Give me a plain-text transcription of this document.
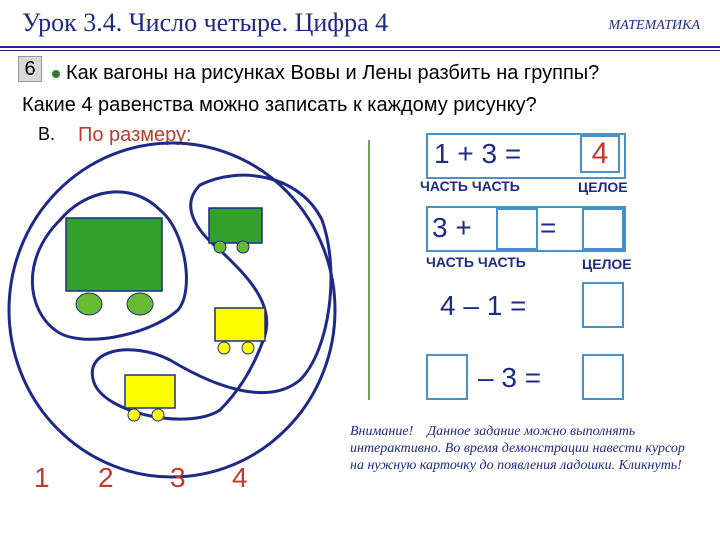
Урок 3.4. Число четыре. Цифра 4	МАТЕМАТИКА
6	Как вагоны на рисунках Вовы и Лены разбить на группы?
Какие 4 равенства можно записать к каждому рисунку?
В. По размеру:
1 2 3 4
1 + 3 =	4
ЧАСТЬ ЧАСТЬ	ЦЕЛОЕ
3 + =
ЧАСТЬ ЧАСТЬ	ЦЕЛОЕ
4 – 1 =
– 3 =
Внимание! Данное задание можно выполнять интерактивно. Во время демонстрации навести курсор на нужную карточку до появления ладошки. Кликнуть!
